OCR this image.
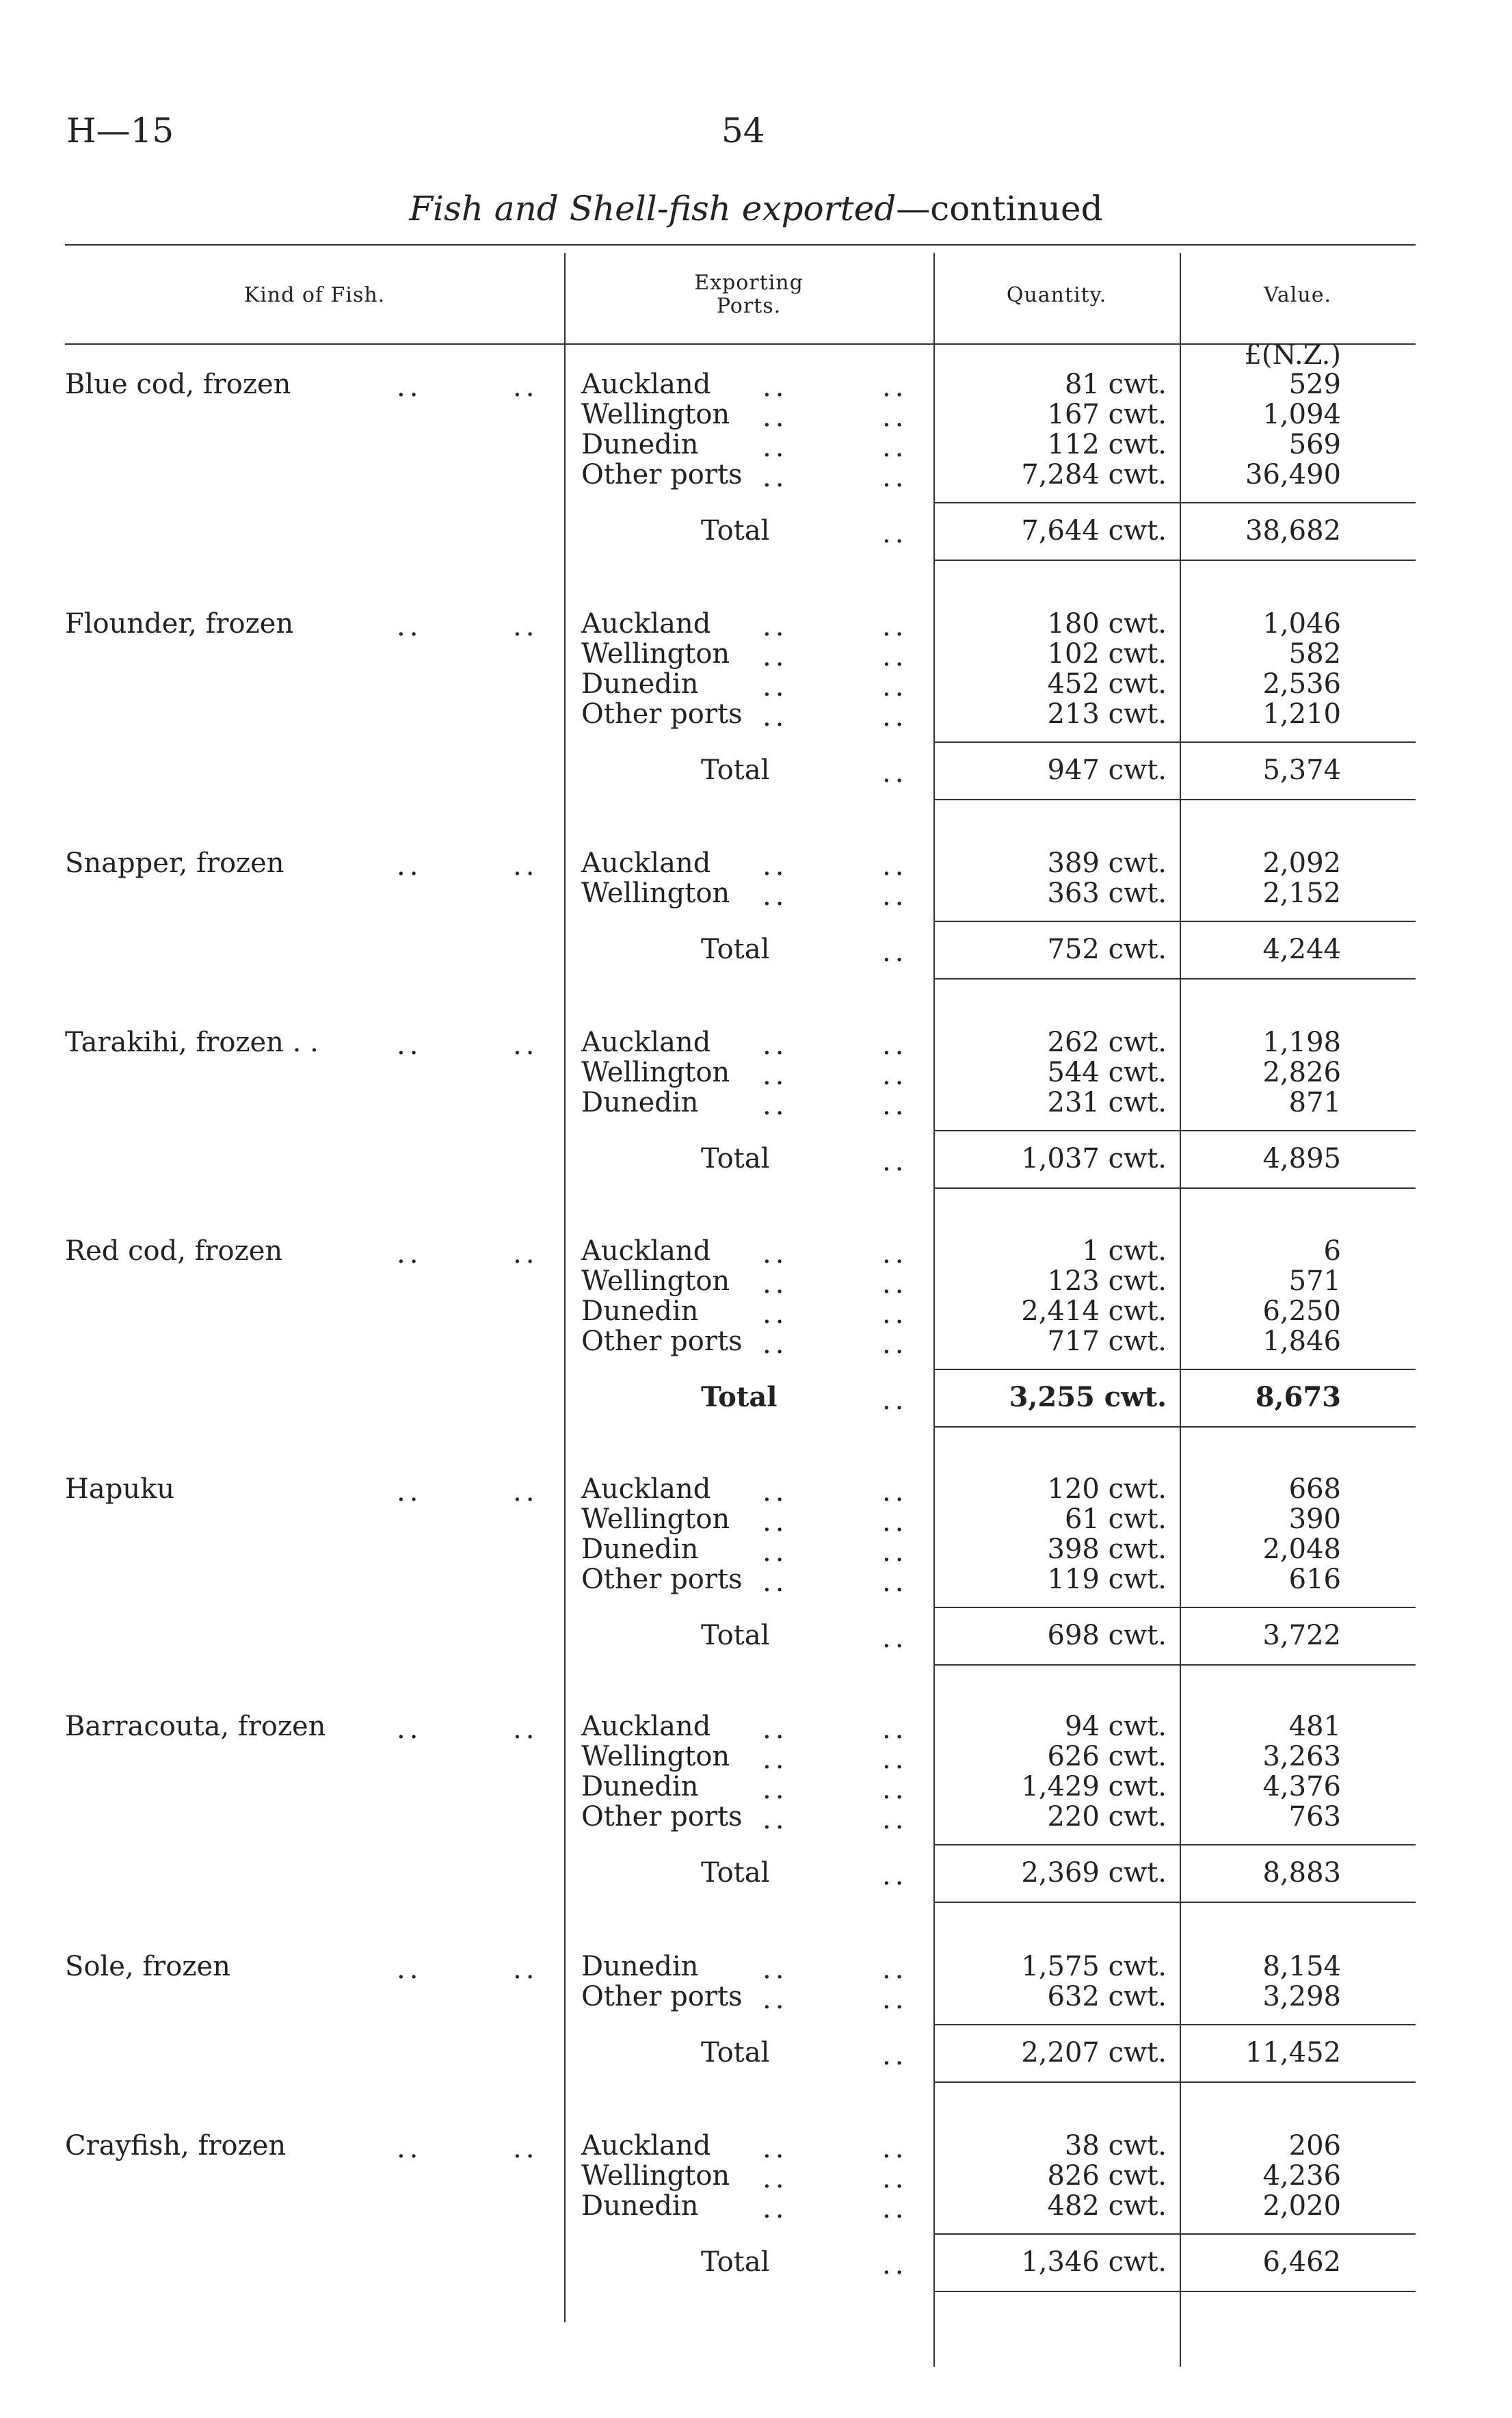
H—15	54
Fish and Shell-fish exported—continued
Kind of Fish.
Exporting
Ports.	Quantity.	Value.
£(N.Z.)
Blue cod, frozen	..	.. Auckland ..	..	81 cwt.	529
Wellington ..	..	167 cwt.	1,094
Dunedin ..	..	112 cwt.	569
Other ports ..	..	7,284 cwt.	36,490
Total	..	7,644 cwt.	38,682
Flounder, frozen	..	.. Auckland ..	..	180 cwt.	1,046
Wellington ..	..	102 cwt.	582
Dunedin ..	..	452 cwt.	2,536
Other ports ..	..	213 cwt.	1,210
Total	..	947 cwt.	5,374
Snapper, frozen	..	.. Auckland ..	..	389 cwt.	2,092
Wellington ..	..	363 cwt.	2,152
Total	..	752 cwt.	4,244
Tarakihi, frozen . .	..	.. Auckland ..	..	262 cwt.	1,198
Wellington ..	..	544 cwt.	2,826
Dunedin ..	..	231 cwt.	871
Total	..	1,037 cwt.	4,895
Red cod, frozen	..	.. Auckland ..	..	1 cwt.	6
Wellington ..	..	123 cwt.	571
Dunedin ..	..	2,414 cwt.	6,250
Other ports ..	..	717 cwt.	1,846
Total	..	3,255 cwt.	8,673
Hapuku	..	.. Auckland ..	..	120 cwt.	668
Wellington ..	..	61 cwt.	390
Dunedin ..	..	398 cwt.	2,048
Other ports ..	..	119 cwt.	616
Total	..	698 cwt.	3,722
Barracouta, frozen	..	.. Auckland ..	..	94 cwt.	481
Wellington ..	..	626 cwt.	3,263
Dunedin ..	..	1,429 cwt.	4,376
Other ports ..	..	220 cwt.	763
Total	..	2,369 cwt.	8,883
Sole, frozen	..	.. Dunedin ..	..	1,575 cwt.	8,154
Other ports ..	..	632 cwt.	3,298
Total	..	2,207 cwt.	11,452
Crayfish, frozen	..	.. Auckland ..	..	38 cwt.	206
Wellington ..	..	826 cwt.	4,236
Dunedin ..	..	482 cwt.	2,020
Total	..	1,346 cwt.	6,462
